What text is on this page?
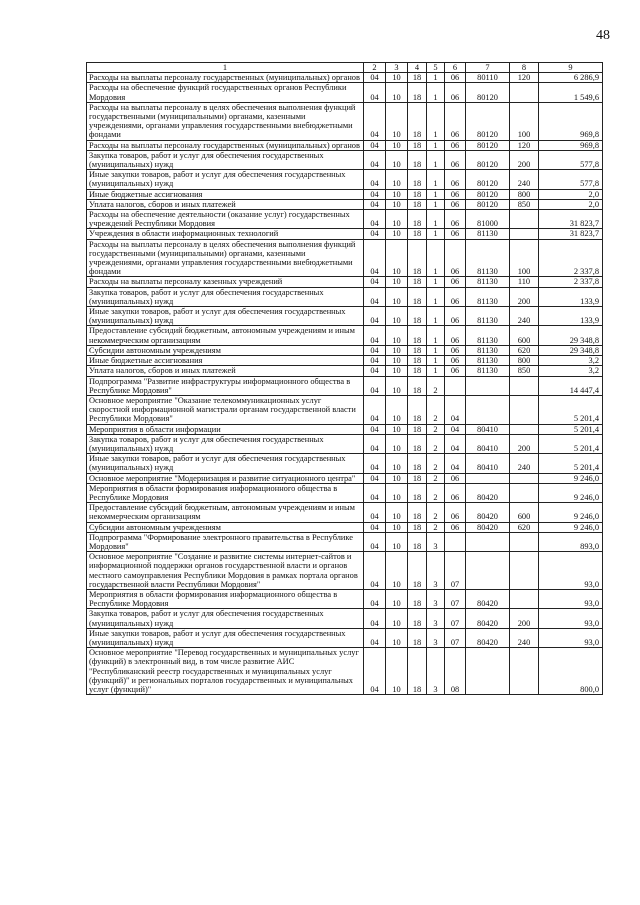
48
1	2	3	4	5	6	7	8	9
Расходы на выплаты персоналу государственных (муниципальных) органов	04	10	18	1	06	80110	120	6 286,9
Расходы на обеспечение функций государственных органов Республики Мордовия	04	10	18	1	06	80120		1 549,6
Расходы на выплаты персоналу в целях обеспечения выполнения функций государственными (муниципальными) органами, казенными учреждениями, органами управления государственными внебюджетными фондами	04	10	18	1	06	80120	100	969,8
Расходы на выплаты персоналу государственных (муниципальных) органов	04	10	18	1	06	80120	120	969,8
Закупка товаров, работ и услуг для обеспечения государственных (муниципальных) нужд	04	10	18	1	06	80120	200	577,8
Иные закупки товаров, работ и услуг для обеспечения государственных (муниципальных) нужд	04	10	18	1	06	80120	240	577,8
Иные бюджетные ассигнования	04	10	18	1	06	80120	800	2,0
Уплата налогов, сборов и иных платежей	04	10	18	1	06	80120	850	2,0
Расходы на обеспечение деятельности (оказание услуг) государственных учреждений Республики Мордовия	04	10	18	1	06	81000		31 823,7
Учреждения в области информационных технологий	04	10	18	1	06	81130		31 823,7
Расходы на выплаты персоналу в целях обеспечения выполнения функций государственными (муниципальными) органами, казенными учреждениями, органами управления государственными внебюджетными фондами	04	10	18	1	06	81130	100	2 337,8
Расходы на выплаты персоналу казенных учреждений	04	10	18	1	06	81130	110	2 337,8
Закупка товаров, работ и услуг для обеспечения государственных (муниципальных) нужд	04	10	18	1	06	81130	200	133,9
Иные закупки товаров, работ и услуг для обеспечения государственных (муниципальных) нужд	04	10	18	1	06	81130	240	133,9
Предоставление субсидий бюджетным, автономным учреждениям и иным некоммерческим организациям	04	10	18	1	06	81130	600	29 348,8
Субсидии автономным учреждениям	04	10	18	1	06	81130	620	29 348,8
Иные бюджетные ассигнования	04	10	18	1	06	81130	800	3,2
Уплата налогов, сборов и иных платежей	04	10	18	1	06	81130	850	3,2
Подпрограмма "Развитие инфраструктуры информационного общества в Республике Мордовия"	04	10	18	2				14 447,4
Основное мероприятие "Оказание телекоммуникационных услуг скоростной информационной магистрали органам государственной власти Республики Мордовия"	04	10	18	2	04			5 201,4
Мероприятия в области информации	04	10	18	2	04	80410		5 201,4
Закупка товаров, работ и услуг для обеспечения государственных (муниципальных) нужд	04	10	18	2	04	80410	200	5 201,4
Иные закупки товаров, работ и услуг для обеспечения государственных (муниципальных) нужд	04	10	18	2	04	80410	240	5 201,4
Основное мероприятие "Модернизация и развитие ситуационного центра"	04	10	18	2	06			9 246,0
Мероприятия в области формирования информационного общества в Республике Мордовия	04	10	18	2	06	80420		9 246,0
Предоставление субсидий бюджетным, автономным учреждениям и иным некоммерческим организациям	04	10	18	2	06	80420	600	9 246,0
Субсидии автономным учреждениям	04	10	18	2	06	80420	620	9 246,0
Подпрограмма "Формирование электронного правительства в Республике Мордовия"	04	10	18	3				893,0
Основное мероприятие "Создание и развитие системы интернет-сайтов и информационной поддержки органов государственной власти и органов местного самоуправления Республики Мордовия в рамках портала органов государственной власти Республики Мордовия"	04	10	18	3	07			93,0
Мероприятия в области формирования информационного общества в Республике Мордовия	04	10	18	3	07	80420		93,0
Закупка товаров, работ и услуг для обеспечения государственных (муниципальных) нужд	04	10	18	3	07	80420	200	93,0
Иные закупки товаров, работ и услуг для обеспечения государственных (муниципальных) нужд	04	10	18	3	07	80420	240	93,0
Основное мероприятие "Перевод государственных и муниципальных услуг (функций) в электронный вид, в том числе развитие АИС "Республиканский реестр государственных и муниципальных услуг (функций)" и региональных порталов государственных и муниципальных услуг (функций)"	04	10	18	3	08			800,0
